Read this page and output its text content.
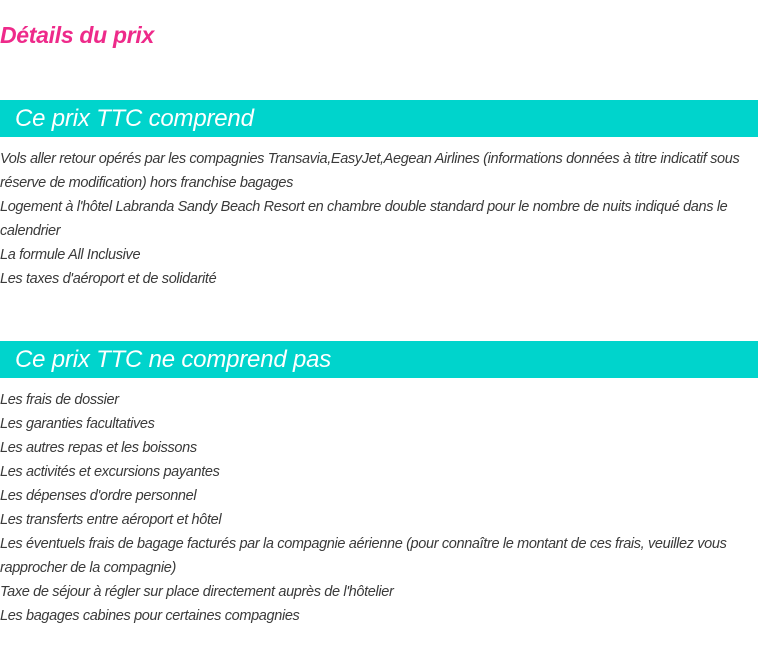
Détails du prix
Ce prix TTC comprend
Vols aller retour opérés par les compagnies Transavia,EasyJet,Aegean Airlines (informations données à titre indicatif sous réserve de modification) hors franchise bagages
Logement à l'hôtel Labranda Sandy Beach Resort en chambre double standard pour le nombre de nuits indiqué dans le calendrier
La formule All Inclusive
Les taxes d'aéroport et de solidarité
Ce prix TTC ne comprend pas
Les frais de dossier
Les garanties facultatives
Les autres repas et les boissons
Les activités et excursions payantes
Les dépenses d'ordre personnel
Les transferts entre aéroport et hôtel
Les éventuels frais de bagage facturés par la compagnie aérienne (pour connaître le montant de ces frais, veuillez vous rapprocher de la compagnie)
Taxe de séjour à régler sur place directement auprès de l'hôtelier
Les bagages cabines pour certaines compagnies
